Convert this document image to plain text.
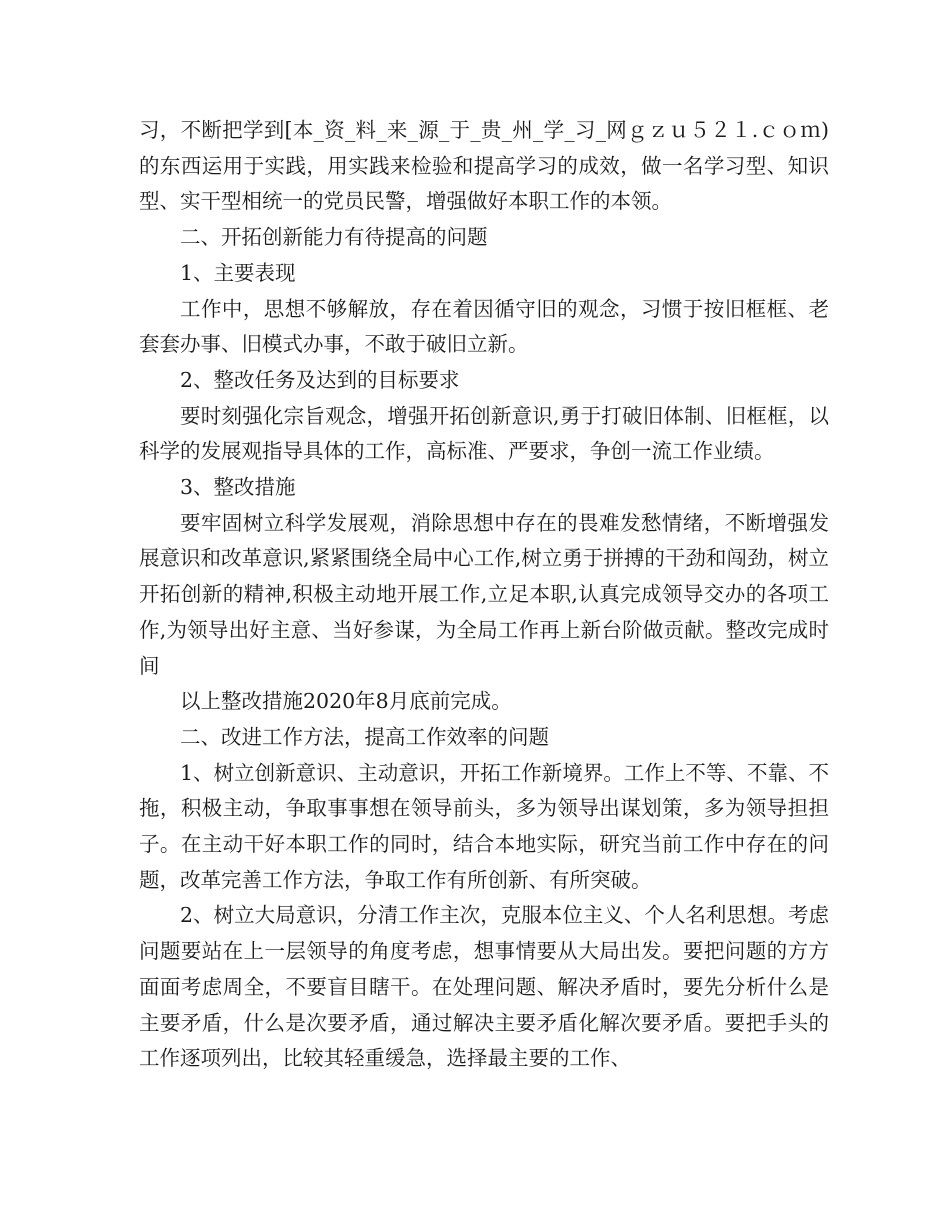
习，不断把学到[本_资_料_来_源_于_贵_州_学_习_网ｇｚｕ５２１.ｃｏｍ)的东西运用于实践，用实践来检验和提高学习的成效，做一名学习型、知识型、实干型相统一的党员民警，增强做好本职工作的本领。

二、开拓创新能力有待提高的问题

1、主要表现

工作中，思想不够解放，存在着因循守旧的观念，习惯于按旧框框、老套套办事、旧模式办事，不敢于破旧立新。

2、整改任务及达到的目标要求

要时刻强化宗旨观念，增强开拓创新意识,勇于打破旧体制、旧框框，以科学的发展观指导具体的工作，高标准、严要求，争创一流工作业绩。

3、整改措施

要牢固树立科学发展观，消除思想中存在的畏难发愁情绪，不断增强发展意识和改革意识,紧紧围绕全局中心工作,树立勇于拼搏的干劲和闯劲，树立开拓创新的精神,积极主动地开展工作,立足本职,认真完成领导交办的各项工作,为领导出好主意、当好参谋，为全局工作再上新台阶做贡献。整改完成时间

以上整改措施2020年8月底前完成。

二、改进工作方法，提高工作效率的问题

1、树立创新意识、主动意识，开拓工作新境界。工作上不等、不靠、不拖，积极主动，争取事事想在领导前头，多为领导出谋划策，多为领导担担子。在主动干好本职工作的同时，结合本地实际，研究当前工作中存在的问题，改革完善工作方法，争取工作有所创新、有所突破。

2、树立大局意识，分清工作主次，克服本位主义、个人名利思想。考虑问题要站在上一层领导的角度考虑，想事情要从大局出发。要把问题的方方面面考虑周全，不要盲目瞎干。在处理问题、解决矛盾时，要先分析什么是主要矛盾，什么是次要矛盾，通过解决主要矛盾化解次要矛盾。要把手头的工作逐项列出，比较其轻重缓急，选择最主要的工作、
